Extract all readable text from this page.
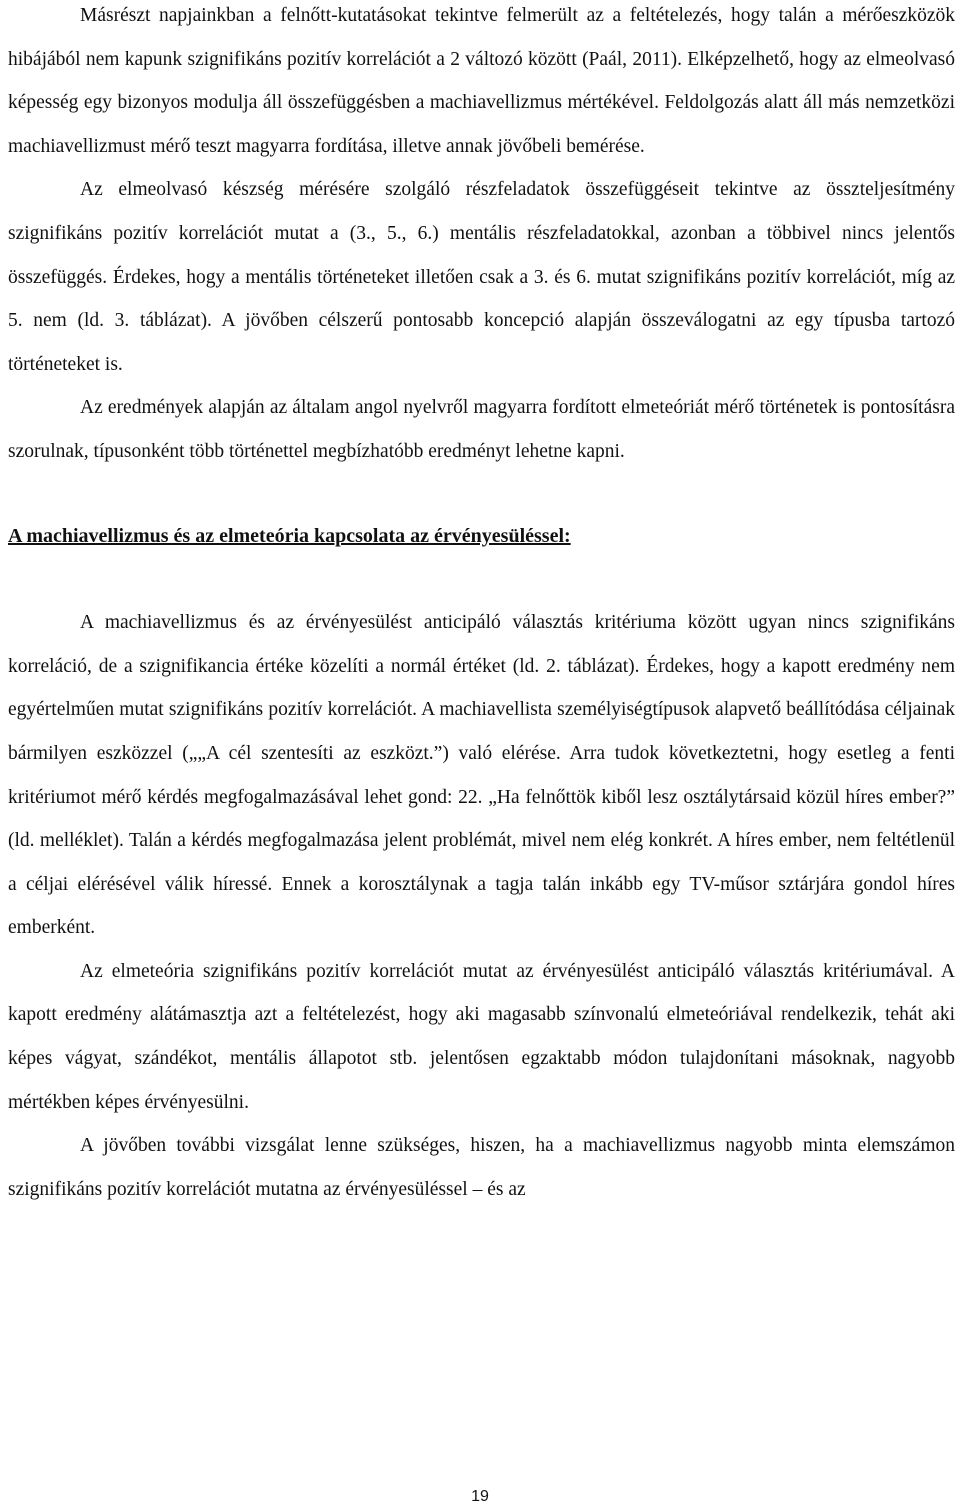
Másrészt napjainkban a felnőtt-kutatásokat tekintve felmerült az a feltételezés, hogy talán a mérőeszközök hibájából nem kapunk szignifikáns pozitív korrelációt a 2 változó között (Paál, 2011). Elképzelhető, hogy az elmeolvasó képesség egy bizonyos modulja áll összefüggésben a machiavellizmus mértékével. Feldolgozás alatt áll más nemzetközi machiavellizmust mérő teszt magyarra fordítása, illetve annak jövőbeli bemérése.

Az elmeolvasó készség mérésére szolgáló részfeladatok összefüggéseit tekintve az összteljesítmény szignifikáns pozitív korrelációt mutat a (3., 5., 6.) mentális részfeladatokkal, azonban a többivel nincs jelentős összefüggés. Érdekes, hogy a mentális történeteket illetően csak a 3. és 6. mutat szignifikáns pozitív korrelációt, míg az 5. nem (ld. 3. táblázat). A jövőben célszerű pontosabb koncepció alapján összeválogatni az egy típusba tartozó történeteket is.

Az eredmények alapján az általam angol nyelvről magyarra fordított elmeteóriát mérő történetek is pontosításra szorulnak, típusonként több történettel megbízhatóbb eredményt lehetne kapni.

A machiavellizmus és az elmeteória kapcsolata az érvényesüléssel:

A machiavellizmus és az érvényesülést anticipáló választás kritériuma között ugyan nincs szignifikáns korreláció, de a szignifikancia értéke közelíti a normál értéket (ld. 2. táblázat). Érdekes, hogy a kapott eredmény nem egyértelműen mutat szignifikáns pozitív korrelációt. A machiavellista személyiségtípusok alapvető beállítódása céljainak bármilyen eszközzel („„A cél szentesíti az eszközt.”) való elérése. Arra tudok következtetni, hogy esetleg a fenti kritériumot mérő kérdés megfogalmazásával lehet gond: 22. „Ha felnőttök kiből lesz osztálytársaid közül híres ember?” (ld. melléklet). Talán a kérdés megfogalmazása jelent problémát, mivel nem elég konkrét. A híres ember, nem feltétlenül a céljai elérésével válik híressé. Ennek a korosztálynak a tagja talán inkább egy TV-műsor sztárjára gondol híres emberként.

Az elmeteória szignifikáns pozitív korrelációt mutat az érvényesülést anticipáló választás kritériumával. A kapott eredmény alátámasztja azt a feltételezést, hogy aki magasabb színvonalú elmeteóriával rendelkezik, tehát aki képes vágyat, szándékot, mentális állapotot stb. jelentősen egzaktabb módon tulajdonítani másoknak, nagyobb mértékben képes érvényesülni.

A jövőben további vizsgálat lenne szükséges, hiszen, ha a machiavellizmus nagyobb minta elemszámon szignifikáns pozitív korrelációt mutatna az érvényesüléssel – és az

19
